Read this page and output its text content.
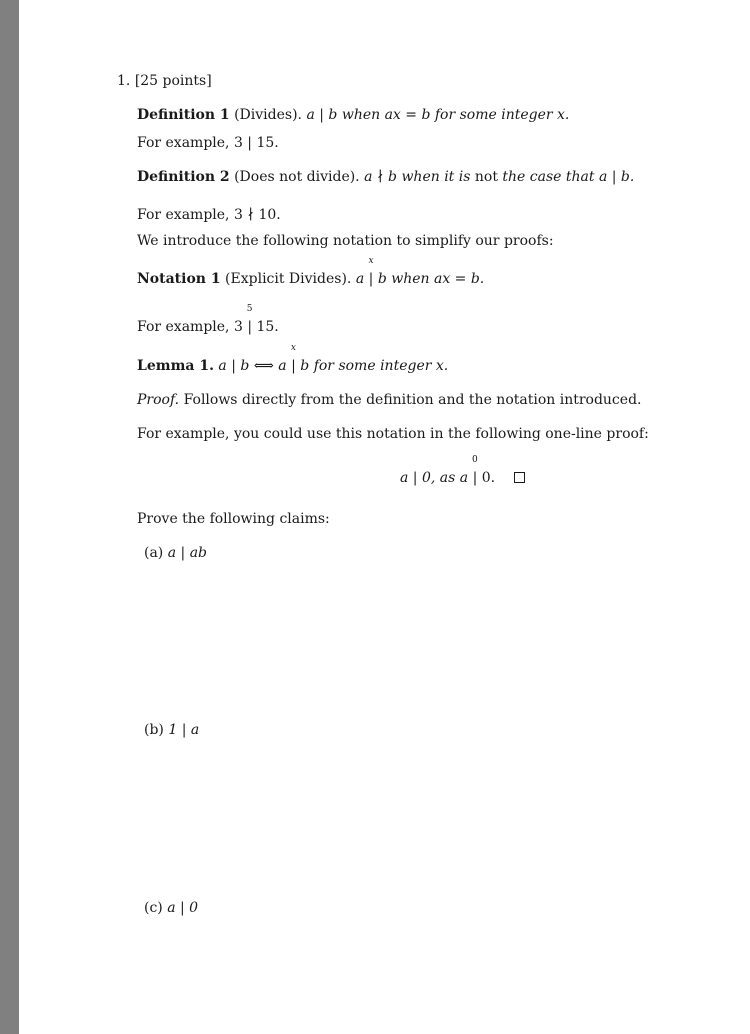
1. [25 points]
Definition 1 (Divides). a | b when ax = b for some integer x.
For example, 3 | 15.
Definition 2 (Does not divide). a ∤ b when it is not the case that a | b.
For example, 3 ∤ 10.
We introduce the following notation to simplify our proofs:
Notation 1 (Explicit Divides). a
x
| b when ax = b.
For example, 3
5
| 15.
Lemma 1. a | b ⟺ a
x
| b for some integer x.
Proof. Follows directly from the definition and the notation introduced.
For example, you could use this notation in the following one-line proof:
a | 0, as a
0
| 0.
Prove the following claims:
(a) a | ab
(b) 1 | a
(c) a | 0
